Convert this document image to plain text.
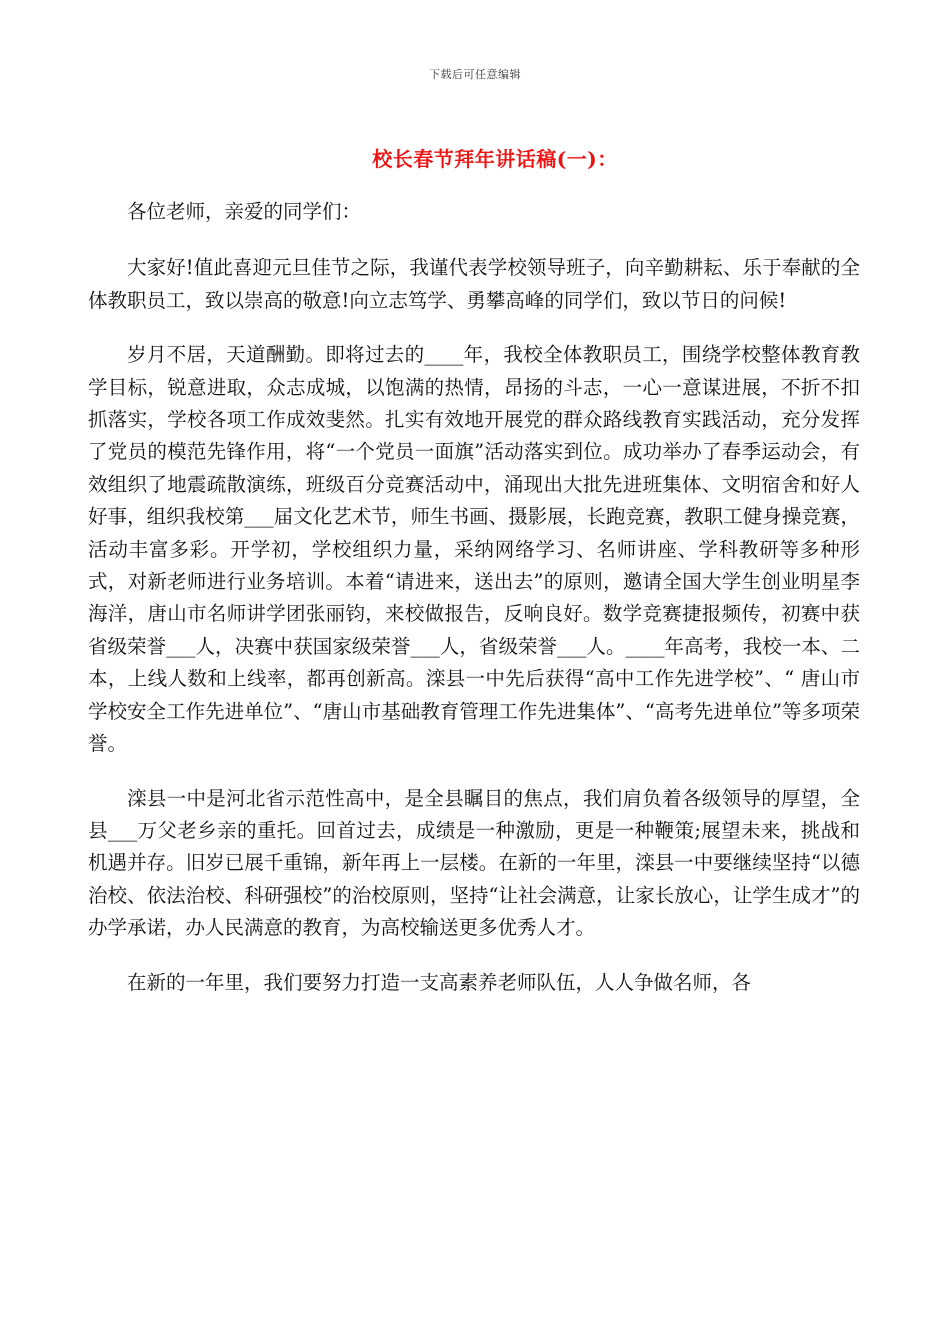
下载后可任意编辑
校长春节拜年讲话稿(一)：

各位老师，亲爱的同学们：

大家好!值此喜迎元旦佳节之际，我谨代表学校领导班子，向辛勤耕耘、乐于奉献的全体教职员工，致以崇高的敬意!向立志笃学、勇攀高峰的同学们，致以节日的问候!

岁月不居，天道酬勤。即将过去的____年，我校全体教职员工，围绕学校整体教育教学目标，锐意进取，众志成城，以饱满的热情，昂扬的斗志，一心一意谋进展，不折不扣抓落实，学校各项工作成效斐然。扎实有效地开展党的群众路线教育实践活动，充分发挥了党员的模范先锋作用，将“一个党员一面旗”活动落实到位。成功举办了春季运动会，有效组织了地震疏散演练，班级百分竞赛活动中，涌现出大批先进班集体、文明宿舍和好人好事，组织我校第___届文化艺术节，师生书画、摄影展，长跑竞赛，教职工健身操竞赛，活动丰富多彩。开学初，学校组织力量，采纳网络学习、名师讲座、学科教研等多种形式，对新老师进行业务培训。本着“请进来，送出去”的原则，邀请全国大学生创业明星李海洋，唐山市名师讲学团张丽钧，来校做报告，反响良好。数学竞赛捷报频传，初赛中获省级荣誉___人，决赛中获国家级荣誉___人，省级荣誉___人。____年高考，我校一本、二本，上线人数和上线率，都再创新高。滦县一中先后获得“高中工作先进学校”、“ 唐山市学校安全工作先进单位”、“唐山市基础教育管理工作先进集体”、“高考先进单位”等多项荣誉。

滦县一中是河北省示范性高中，是全县瞩目的焦点，我们肩负着各级领导的厚望，全县___万父老乡亲的重托。回首过去，成绩是一种激励，更是一种鞭策;展望未来，挑战和机遇并存。旧岁已展千重锦，新年再上一层楼。在新的一年里，滦县一中要继续坚持“以德治校、依法治校、科研强校”的治校原则，坚持“让社会满意，让家长放心，让学生成才”的办学承诺，办人民满意的教育，为高校输送更多优秀人才。

在新的一年里，我们要努力打造一支高素养老师队伍，人人争做名师，各
